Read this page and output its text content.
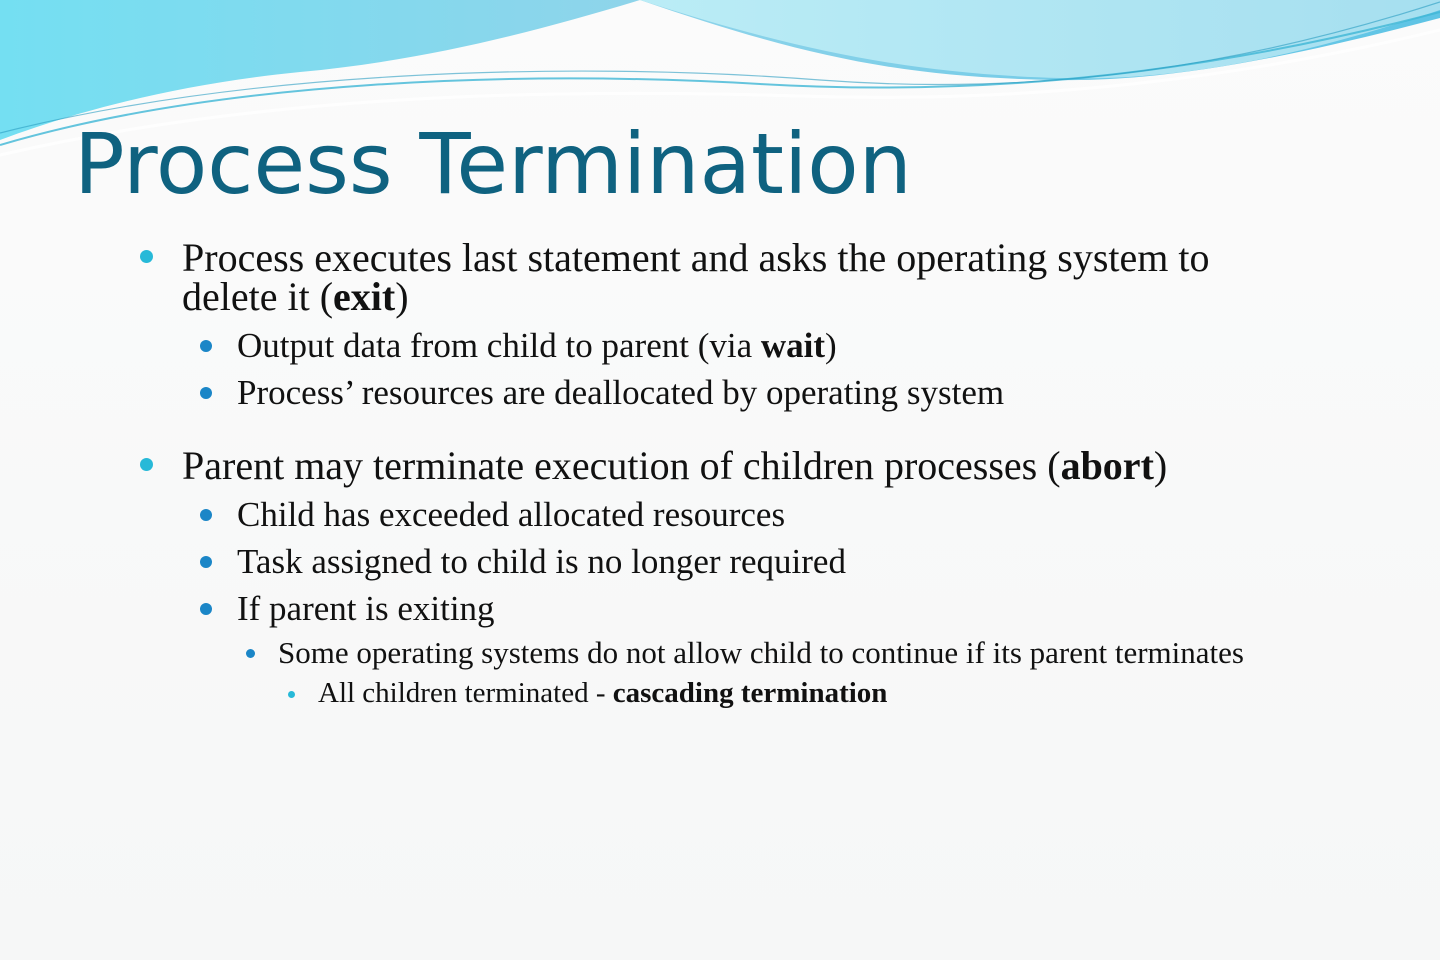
Process Termination
Process executes last statement and asks the operating system to delete it (exit)
Output data from child to parent (via wait)
Process’ resources are deallocated by operating system
Parent may terminate execution of children processes (abort)
Child has exceeded allocated resources
Task assigned to child is no longer required
If parent is exiting
Some operating systems do not allow child to continue if its parent terminates
All children terminated - cascading termination
